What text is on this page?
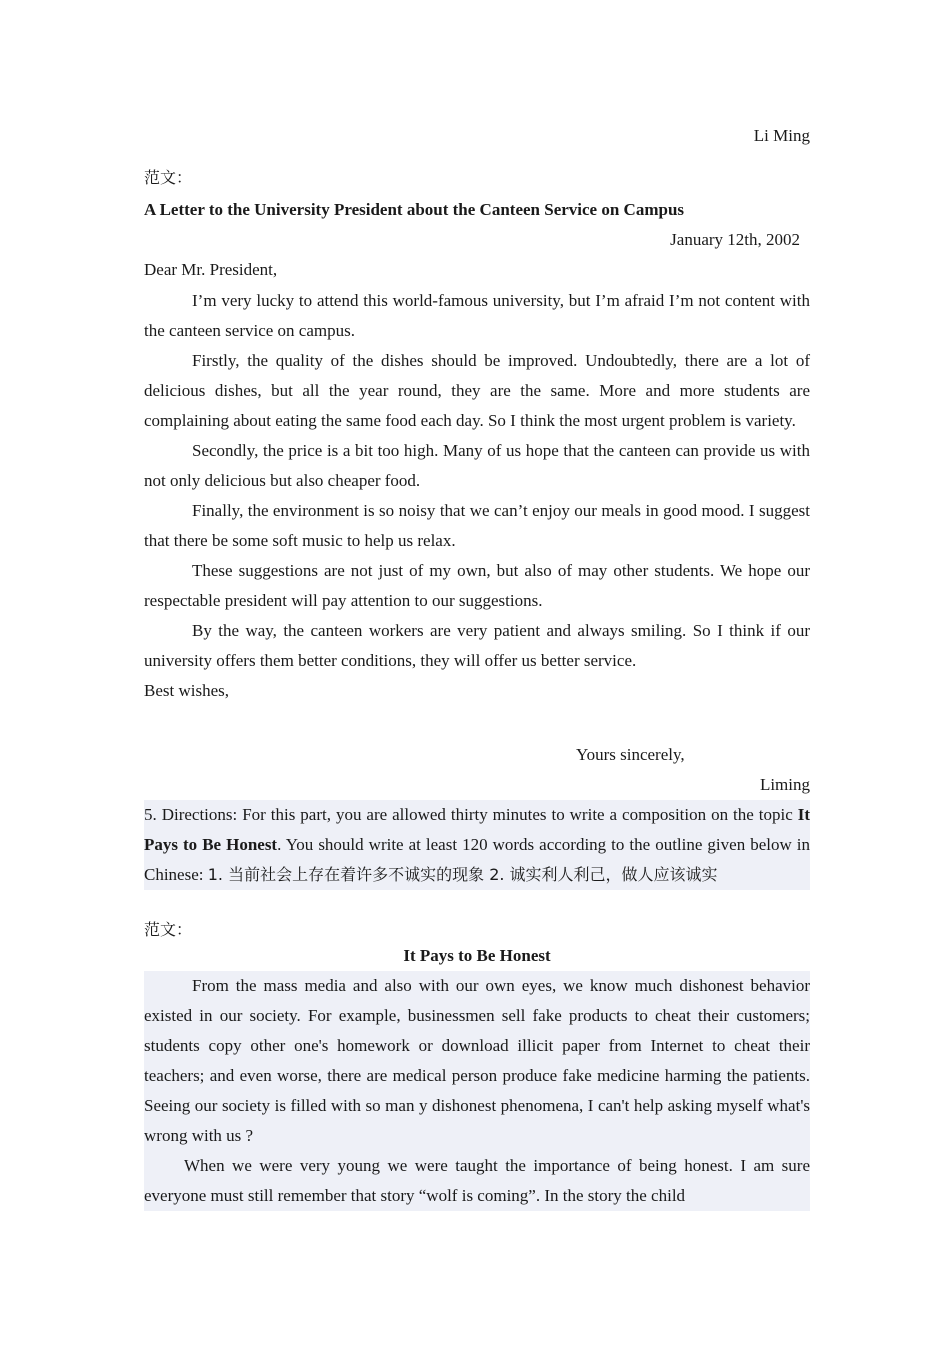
Li Ming
范文：
A Letter to the University President about the Canteen Service on Campus
January 12th, 2002
Dear Mr. President,

I’m very lucky to attend this world-famous university, but I’m afraid I’m not content with the canteen service on campus.

Firstly, the quality of the dishes should be improved. Undoubtedly, there are a lot of delicious dishes, but all the year round, they are the same. More and more students are complaining about eating the same food each day. So I think the most urgent problem is variety.

Secondly, the price is a bit too high. Many of us hope that the canteen can provide us with not only delicious but also cheaper food.

Finally, the environment is so noisy that we can’t enjoy our meals in good mood. I suggest that there be some soft music to help us relax.

These suggestions are not just of my own, but also of may other students. We hope our respectable president will pay attention to our suggestions.

By the way, the canteen workers are very patient and always smiling. So I think if our university offers them better conditions, they will offer us better service.

Best wishes,

Yours sincerely,
Liming
5. Directions: For this part, you are allowed thirty minutes to write a composition on the topic It Pays to Be Honest. You should write at least 120 words according to the outline given below in Chinese: 1. 当前社会上存在着许多不诚实的现象 2. 诚实利人利己，做人应该诚实
范文：
It Pays to Be Honest

From the mass media and also with our own eyes, we know much dishonest behavior existed in our society. For example, businessmen sell fake products to cheat their customers; students copy other one's homework or download illicit paper from Internet to cheat their teachers; and even worse, there are medical person produce fake medicine harming the patients. Seeing our society is filled with so man y dishonest phenomena, I can't help asking myself what's wrong with us ?

When we were very young we were taught the importance of being honest. I am sure everyone must still remember that story “wolf is coming”. In the story the child
